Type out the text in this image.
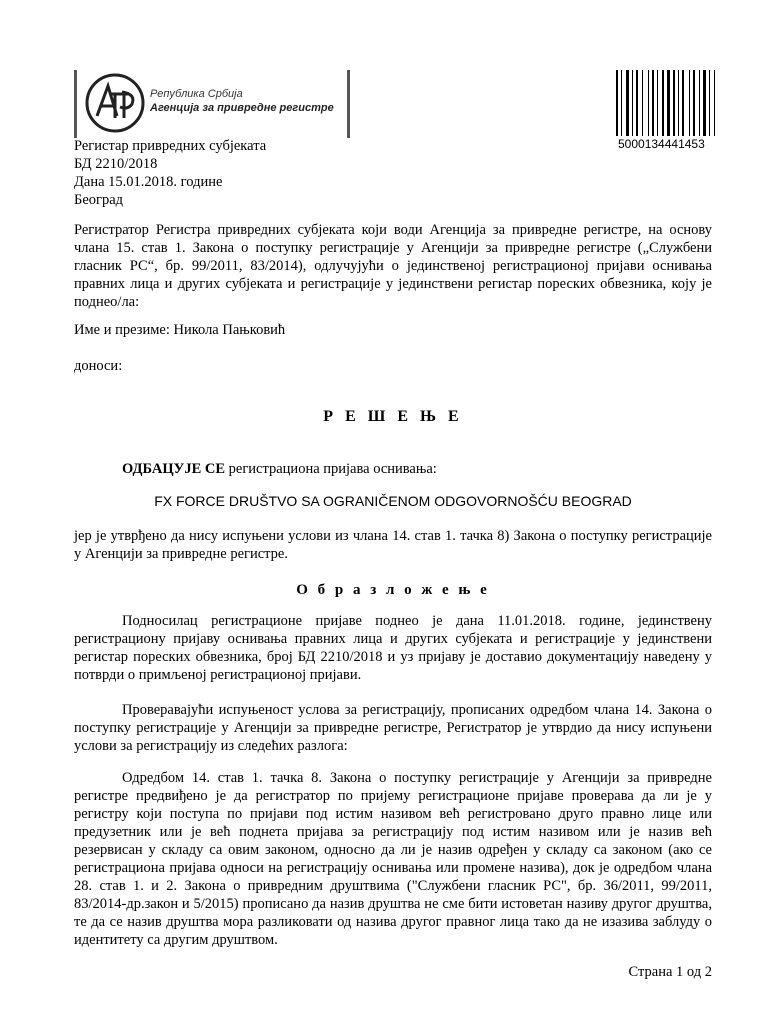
Република Србија
Агенција за привредне регистре
5000134441453
Регистар привредних субјеката
БД 2210/2018
Дана 15.01.2018. године
Београд
Регистратор Регистра привредних субјеката који води Агенција за привредне регистре, на основу члана 15. став 1. Закона о поступку регистрације у Агенцији за привредне регистре („Службени гласник РС“, бр. 99/2011, 83/2014), одлучујући о јединственој регистрационој пријави оснивања правних лица и других субјеката и регистрације у јединствени регистар пореских обвезника, коју је поднео/ла:
Име и презиме: Никола Пањковић
доноси:
Р Е Ш Е Њ Е
ОДБАЦУЈЕ СЕ регистрациона пријава оснивања:
FX FORCE DRUŠTVO SA OGRANIČENOM ODGOVORNOŠĆU BEOGRAD
јер је утврђено да нису испуњени услови из члана 14. став 1. тачка 8) Закона о поступку регистрације у Агенцији за привредне регистре.
О б р а з л о ж е њ е
Подносилац регистрационе пријаве поднео је дана 11.01.2018. године, јединствену регистрациону пријаву оснивања правних лица и других субјеката и регистрације у јединствени регистар пореских обвезника, број БД 2210/2018 и уз пријаву је доставио документацију наведену у потврди о примљеној регистрационој пријави.
Проверавајући испуњеност услова за регистрацију, прописаних одредбом члана 14. Закона о поступку регистрације у Агенцији за привредне регистре, Регистратор је утврдио да нису испуњени услови за регистрацију из следећих разлога:
Одредбом 14. став 1. тачка 8. Закона о поступку регистрације у Агенцији за привредне регистре предвиђено је да регистратор по пријему регистрационе пријаве проверава да ли је у регистру који поступа по пријави под истим називом већ регистровано друго правно лице или предузетник или је већ поднета пријава за регистрацију под истим називом или је назив већ резервисан у складу са овим законом, односно да ли је назив одређен у складу са законом (ако се регистрациона пријава односи на регистрацију оснивања или промене назива), док је одредбом члана 28. став 1. и 2. Закона о привредним друштвима ("Службени гласник РС", бр. 36/2011, 99/2011, 83/2014-др.закон и 5/2015) прописано да назив друштва не сме бити истоветан називу другог друштва, те да се назив друштва мора разликовати од назива другог правног лица тако да не изазива заблуду о идентитету са другим друштвом.
Страна 1 од 2
